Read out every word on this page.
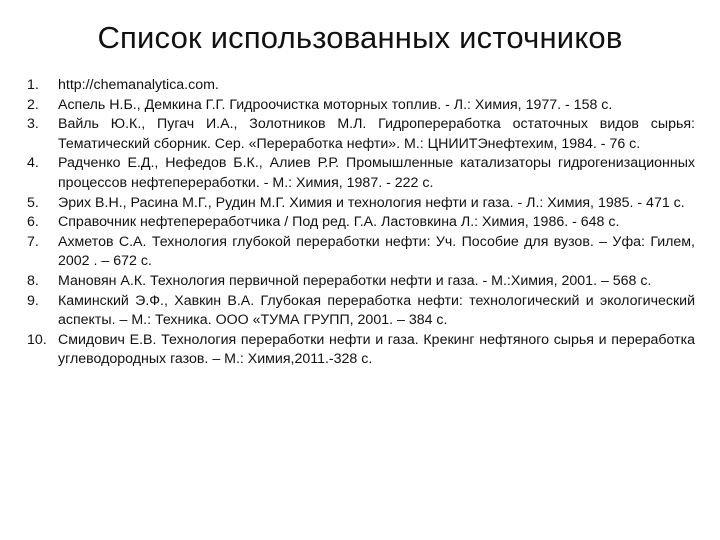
Список использованных источников
1.	http://chemanalytica.com.
2.	Аспель Н.Б., Демкина Г.Г. Гидроочистка моторных топлив. - Л.: Химия, 1977. - 158 с.
3.	Вайль Ю.К., Пугач И.А., Золотников М.Л. Гидропереработка остаточных видов сырья: Тематический сборник. Сер. «Переработка нефти». М.: ЦНИИТЭнефтехим, 1984. - 76 с.
4.	Радченко Е.Д., Нефедов Б.К., Алиев Р.Р. Промышленные катализаторы гидрогенизационных процессов нефтепереработки. - М.: Химия, 1987. - 222 с.
5.	Эрих В.Н., Расина М.Г., Рудин М.Г. Химия и технология нефти и газа. - Л.: Химия, 1985. - 471 с.
6.	Справочник нефтепереработчика / Под ред. Г.А. Ластовкина Л.: Химия, 1986. - 648 с.
7.	Ахметов С.А. Технология глубокой переработки нефти: Уч. Пособие для вузов. – Уфа: Гилем, 2002 . – 672 с.
8.	Мановян А.К. Технология первичной переработки нефти и газа. - М.:Химия, 2001. – 568 с.
9.	Каминский Э.Ф., Хавкин В.А. Глубокая переработка нефти: технологический и экологический аспекты. – М.: Техника. ООО «ТУМА ГРУПП, 2001. – 384 с.
10. Смидович Е.В. Технология переработки нефти и газа. Крекинг нефтяного сырья и переработка углеводородных газов. – М.: Химия,2011.-328 с.
